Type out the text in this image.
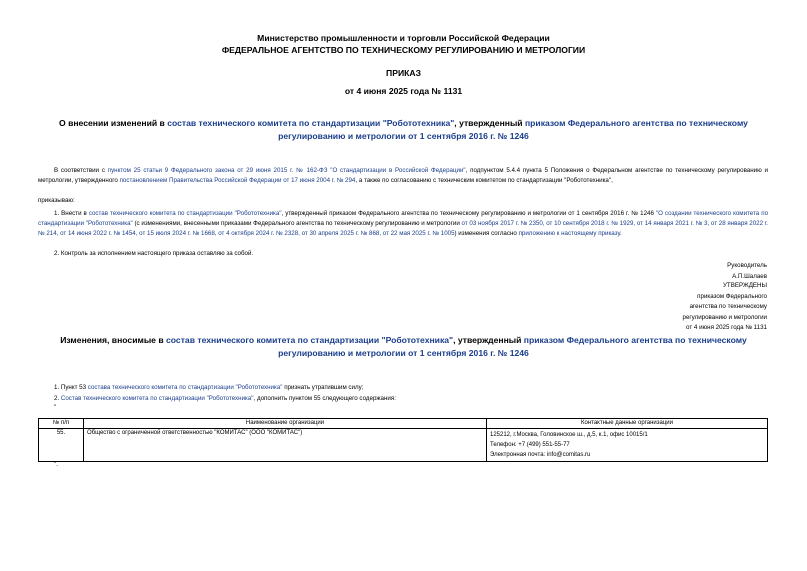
Министерство промышленности и торговли Российской Федерации
ФЕДЕРАЛЬНОЕ АГЕНТСТВО ПО ТЕХНИЧЕСКОМУ РЕГУЛИРОВАНИЮ И МЕТРОЛОГИИ
ПРИКАЗ
от 4 июня 2025 года № 1131
О внесении изменений в состав технического комитета по стандартизации "Робототехника", утвержденный приказом Федерального агентства по техническому регулированию и метрологии от 1 сентября 2016 г. № 1246
В соответствии с пунктом 25 статьи 9 Федерального закона от 29 июня 2015 г. № 162-ФЗ "О стандартизации в Российской Федерации", подпунктом 5.4.4 пункта 5 Положения о Федеральном агентстве по техническому регулированию и метрологии, утвержденного постановлением Правительства Российской Федерации от 17 июня 2004 г. № 294, а также по согласованию с техническим комитетом по стандартизации "Робототехника",
приказываю:
1. Внести в состав технического комитета по стандартизации "Робототехника", утвержденный приказом Федерального агентства по техническому регулированию и метрологии от 1 сентября 2016 г. № 1246 "О создании технического комитета по стандартизации "Робототехника" (с изменениями, внесенными приказами Федерального агентства по техническому регулированию и метрологии от 03 ноября 2017 г. № 2350, от 10 сентября 2018 г. № 1929, от 14 января 2021 г. № 3, от 28 января 2022 г. № 214, от 14 июня 2022 г. № 1454, от 15 июля 2024 г. № 1668, от 4 октября 2024 г. № 2328, от 30 апреля 2025 г. № 868, от 22 мая 2025 г. № 1005) изменения согласно приложению к настоящему приказу.
2. Контроль за исполнением настоящего приказа оставляю за собой.
Руководитель
А.П.Шалаев
УТВЕРЖДЕНЫ
приказом Федерального
агентства по техническому
регулированию и метрологии
от 4 июня 2025 года № 1131
Изменения, вносимые в состав технического комитета по стандартизации "Робототехника", утвержденный приказом Федерального агентства по техническому регулированию и метрологии от 1 сентября 2016 г. № 1246
1. Пункт 53 состава технического комитета по стандартизации "Робототехника" признать утратившим силу;
2. Состав технического комитета по стандартизации "Робототехника", дополнить пунктом 55 следующего содержания:
"
№ п/п	Наименование организации	Контактные данные организации
55.	Общество с ограниченной ответственностью "КОМИТАС" (ООО "КОМИТАС")	125212, г.Москва, Головинское ш., д.5, к.1, офис 10015/1
Телефон: +7 (499) 551-55-77
Электронная почта: info@comitas.ru
".
